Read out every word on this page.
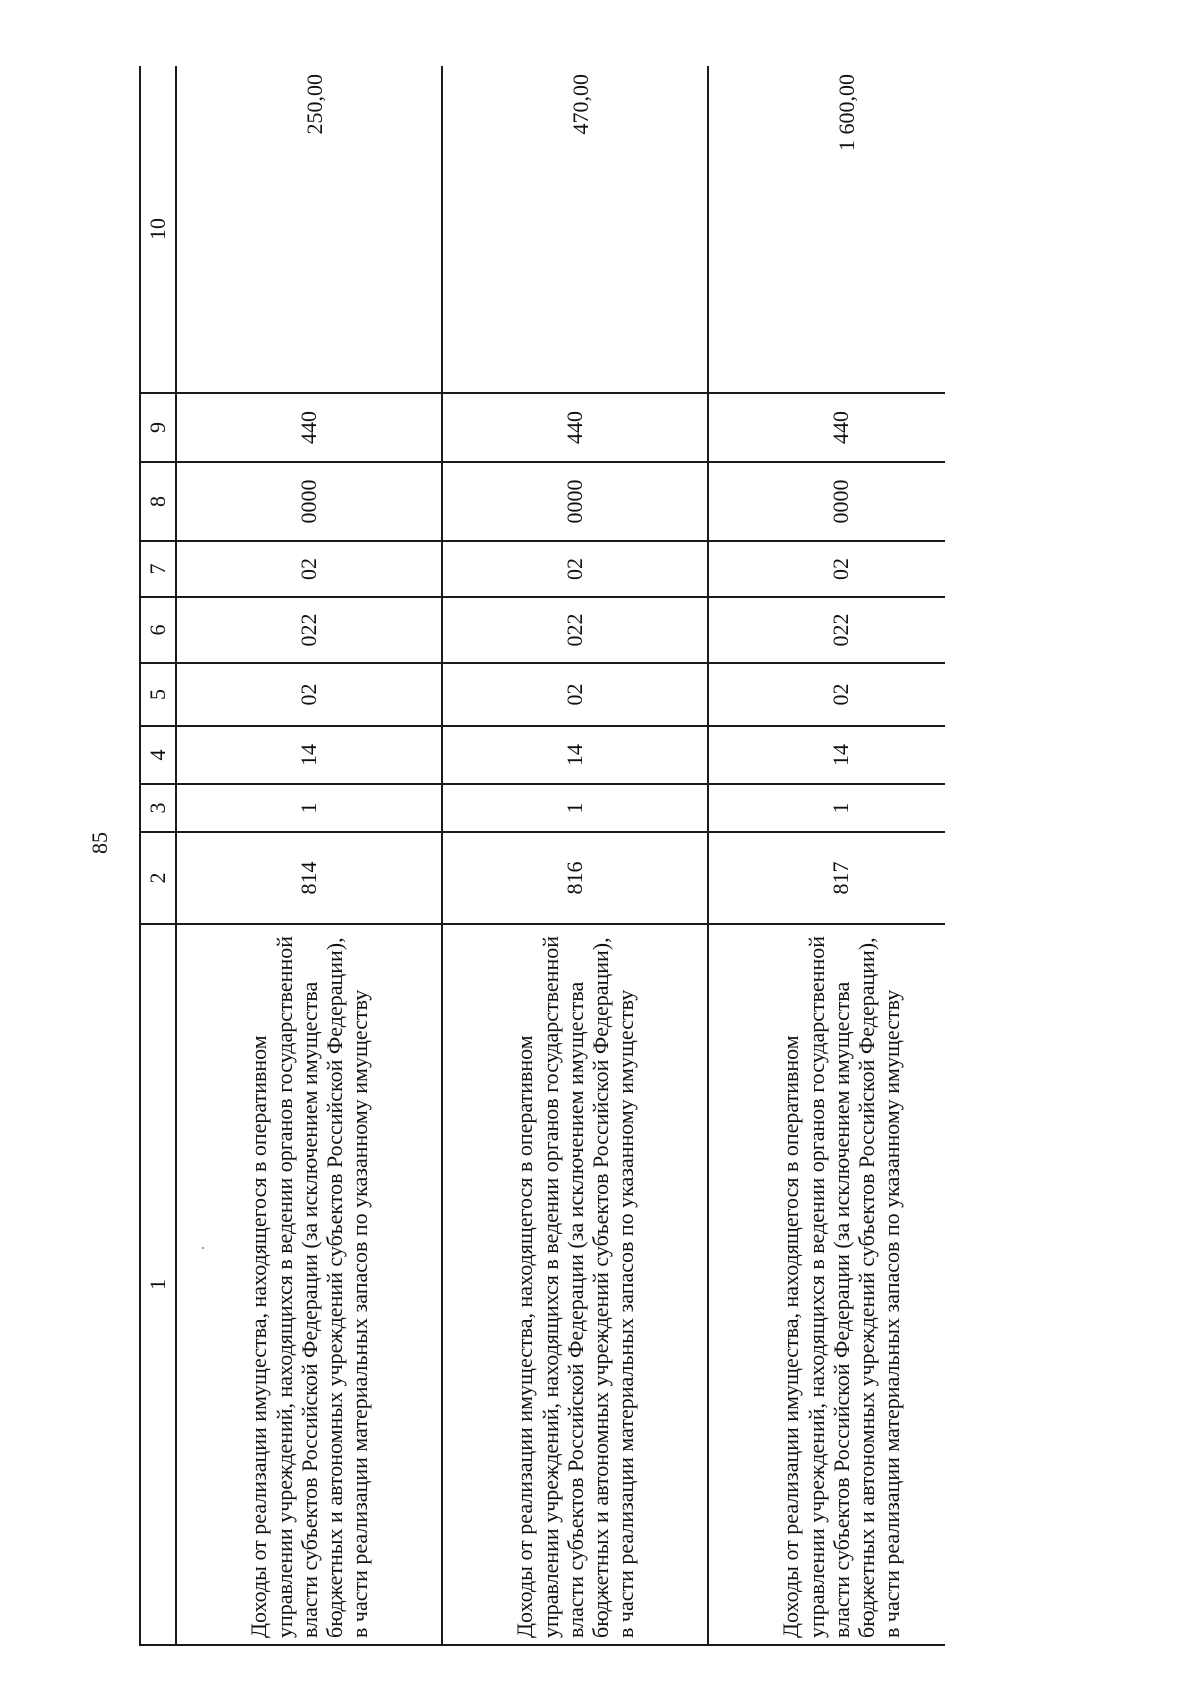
85
1	2	3	4	5	6	7	8	9	10
Доходы от реализации имущества, находящегося в оперативном управлении учреждений, находящихся в ведении органов государственной власти субъектов Российской Федерации (за исключением имущества бюджетных и автономных учреждений субъектов Российской Федерации), в части реализации материальных запасов по указанному имуществу	814	1	14	02	022	02	0000	440	250,00
Доходы от реализации имущества, находящегося в оперативном управлении учреждений, находящихся в ведении органов государственной власти субъектов Российской Федерации (за исключением имущества бюджетных и автономных учреждений субъектов Российской Федерации), в части реализации материальных запасов по указанному имуществу	816	1	14	02	022	02	0000	440	470,00
Доходы от реализации имущества, находящегося в оперативном управлении учреждений, находящихся в ведении органов государственной власти субъектов Российской Федерации (за исключением имущества бюджетных и автономных учреждений субъектов Российской Федерации), в части реализации материальных запасов по указанному имуществу	817	1	14	02	022	02	0000	440	1 600,00
